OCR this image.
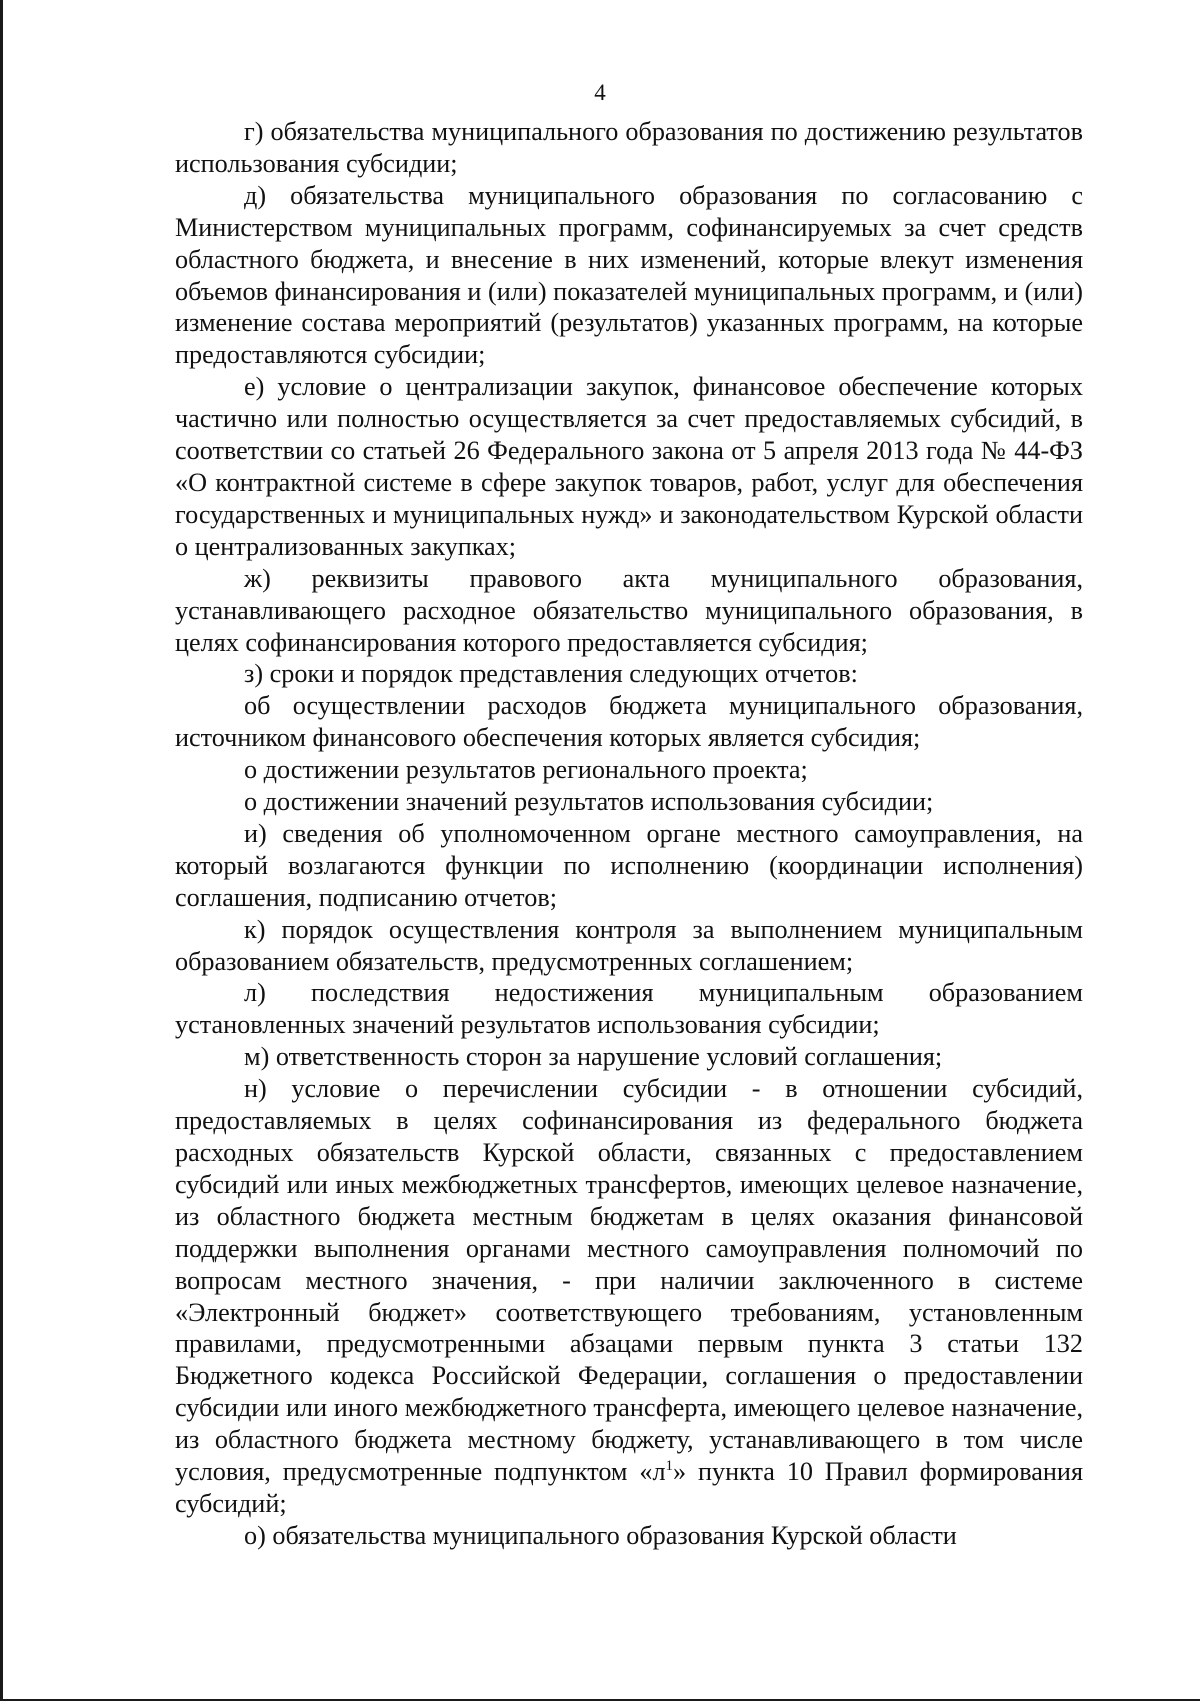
4

г) обязательства муниципального образования по достижению результатов использования субсидии;

д) обязательства муниципального образования по согласованию с Министерством муниципальных программ, софинансируемых за счет средств областного бюджета, и внесение в них изменений, которые влекут изменения объемов финансирования и (или) показателей муниципальных программ, и (или) изменение состава мероприятий (результатов) указанных программ, на которые предоставляются субсидии;

е) условие о централизации закупок, финансовое обеспечение которых частично или полностью осуществляется за счет предоставляемых субсидий, в соответствии со статьей 26 Федерального закона от 5 апреля 2013 года № 44-ФЗ «О контрактной системе в сфере закупок товаров, работ, услуг для обеспечения государственных и муниципальных нужд» и законодательством Курской области о централизованных закупках;

ж) реквизиты правового акта муниципального образования, устанавливающего расходное обязательство муниципального образования, в целях софинансирования которого предоставляется субсидия;

з) сроки и порядок представления следующих отчетов:

об осуществлении расходов бюджета муниципального образования, источником финансового обеспечения которых является субсидия;

о достижении результатов регионального проекта;

о достижении значений результатов использования субсидии;

и) сведения об уполномоченном органе местного самоуправления, на который возлагаются функции по исполнению (координации исполнения) соглашения, подписанию отчетов;

к) порядок осуществления контроля за выполнением муниципальным образованием обязательств, предусмотренных соглашением;

л) последствия недостижения муниципальным образованием установленных значений результатов использования субсидии;

м) ответственность сторон за нарушение условий соглашения;

н) условие о перечислении субсидии - в отношении субсидий, предоставляемых в целях софинансирования из федерального бюджета расходных обязательств Курской области, связанных с предоставлением субсидий или иных межбюджетных трансфертов, имеющих целевое назначение, из областного бюджета местным бюджетам в целях оказания финансовой поддержки выполнения органами местного самоуправления полномочий по вопросам местного значения, - при наличии заключенного в системе «Электронный бюджет» соответствующего требованиям, установленным правилами, предусмотренными абзацами первым пункта 3 статьи 132 Бюджетного кодекса Российской Федерации, соглашения о предоставлении субсидии или иного межбюджетного трансферта, имеющего целевое назначение, из областного бюджета местному бюджету, устанавливающего в том числе условия, предусмотренные подпунктом «$л^1$» пункта 10 Правил формирования субсидий;

о) обязательства муниципального образования Курской области
